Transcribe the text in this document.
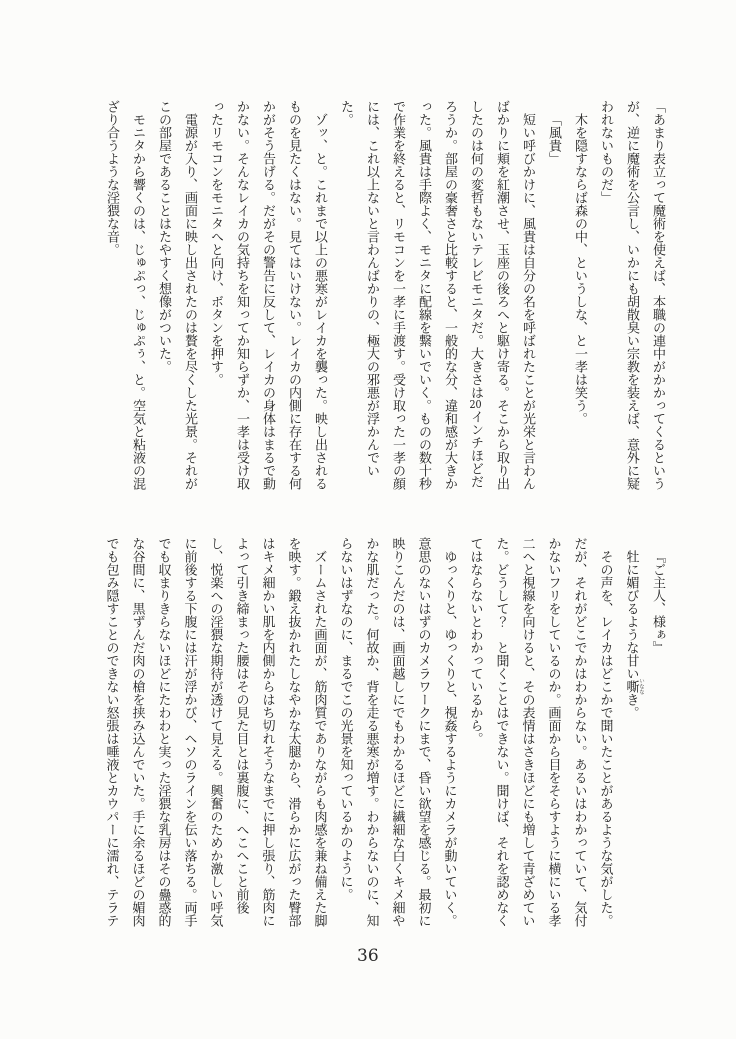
「あまり表立って魔術を使えば、本職の連中がかかってくるというが、逆に魔術を公言し、いかにも胡散臭い宗教を装えば、意外に疑われないものだ」

木を隠すならば森の中、というしな、と一孝は笑う。

「風貴」

短い呼びかけに、風貴は自分の名を呼ばれたことが光栄と言わんばかりに頬を紅潮させ、玉座の後ろへと駆け寄る。そこから取り出したのは何の変哲もないテレビモニタだ。大きさは20インチほどだろうか。部屋の豪奢さと比較すると、一般的な分、違和感が大きかった。風貴は手際よく、モニタに配線を繋いでいく。ものの数十秒で作業を終えると、リモコンを一孝に手渡す。受け取った一孝の顔には、これ以上ないと言わんばかりの、極大の邪悪が浮かんでいた。

ゾッ、と。これまで以上の悪寒がレイカを襲った。映し出されるものを見たくはない。見てはいけない。レイカの内側に存在する何かがそう告げる。だがその警告に反して、レイカの身体はまるで動かない。そんなレイカの気持ちを知ってか知らずか、一孝は受け取ったリモコンをモニタへと向け、ボタンを押す。

電源が入り、画面に映し出されたのは贅を尽くした光景。それがこの部屋であることはたやすく想像がついた。

モニタから響くのは、じゅぷっ、じゅぷぅ、と。空気と粘液の混ざり合うような淫猥な音。

『ご主人、様ぁ』

牡に媚びるような甘い嘶 いななき。

その声を、レイカはどこかで聞いたことがあるような気がした。だが、それがどこでかはわからない。あるいはわかっていて、気付かないフリをしているのか。画面から目をそらすように横にいる孝二へと視線を向けると、その表情はさきほどにも増して青ざめていた。どうして？　と聞くことはできない。聞けば、それを認めなくてはならないとわかっているから。

ゆっくりと、ゆっくりと、視姦するようにカメラが動いていく。意思のないはずのカメラワークにまで、昏い欲望を感じる。最初に映りこんだのは、画面越しにでもわかるほどに繊細な白くキメ細やかな肌だった。何故か、背を走る悪寒が増す。わからないのに、知らないはずなのに、まるでこの光景を知っているかのように。

ズームされた画面が、筋肉質でありながらも肉感を兼ね備えた脚を映す。鍛え抜かれたしなやかな太腿から、滑らかに広がった臀部はキメ細かい肌を内側からはち切れそうなまでに押し張り、筋肉によって引き締まった腰はその見た目とは裏腹に、へこへこと前後し、悦楽への淫猥な期待が透けて見える。興奮のためか激しい呼気に前後する下腹には汗が浮かび、ヘソのラインを伝い落ちる。両手でも収まりきらないほどにたわわと実った淫猥な乳房はその蠱惑的な谷間に、黒ずんだ肉の槍を挟み込んでいた。手に余るほどの媚肉でも包み隠すことのできない怒張は唾液とカウパーに濡れ、テラテ

36
